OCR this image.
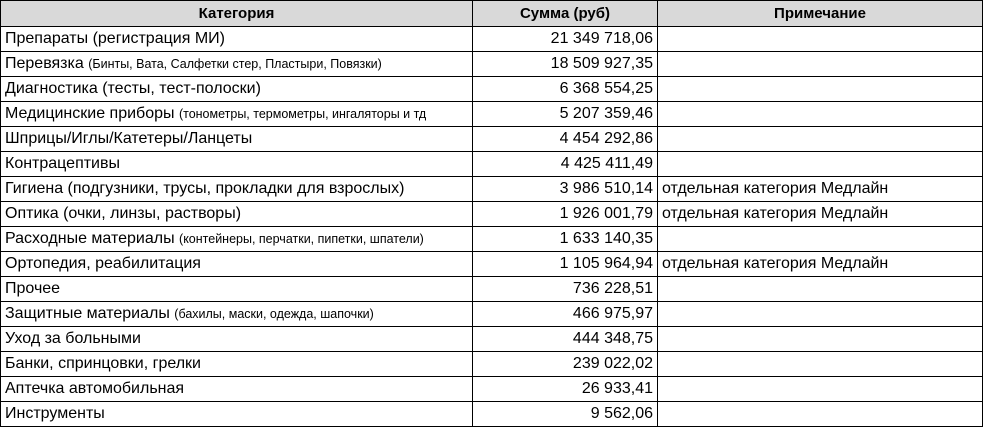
Категория	Сумма (руб)	Примечание
Препараты (регистрация МИ)	21 349 718,06	
Перевязка (Бинты, Вата, Салфетки стер, Пластыри, Повязки)	18 509 927,35	
Диагностика (тесты, тест-полоски)	6 368 554,25	
Медицинские приборы (тонометры, термометры, ингаляторы и тд	5 207 359,46	
Шприцы/Иглы/Катетеры/Ланцеты	4 454 292,86	
Контрацептивы	4 425 411,49	
Гигиена (подгузники, трусы, прокладки для взрослых)	3 986 510,14	отдельная категория Медлайн
Оптика (очки, линзы, растворы)	1 926 001,79	отдельная категория Медлайн
Расходные материалы (контейнеры, перчатки, пипетки, шпатели)	1 633 140,35	
Ортопедия, реабилитация	1 105 964,94	отдельная категория Медлайн
Прочее	736 228,51	
Защитные материалы (бахилы, маски, одежда, шапочки)	466 975,97	
Уход за больными	444 348,75	
Банки, спринцовки, грелки	239 022,02	
Аптечка автомобильная	26 933,41	
Инструменты	9 562,06	
